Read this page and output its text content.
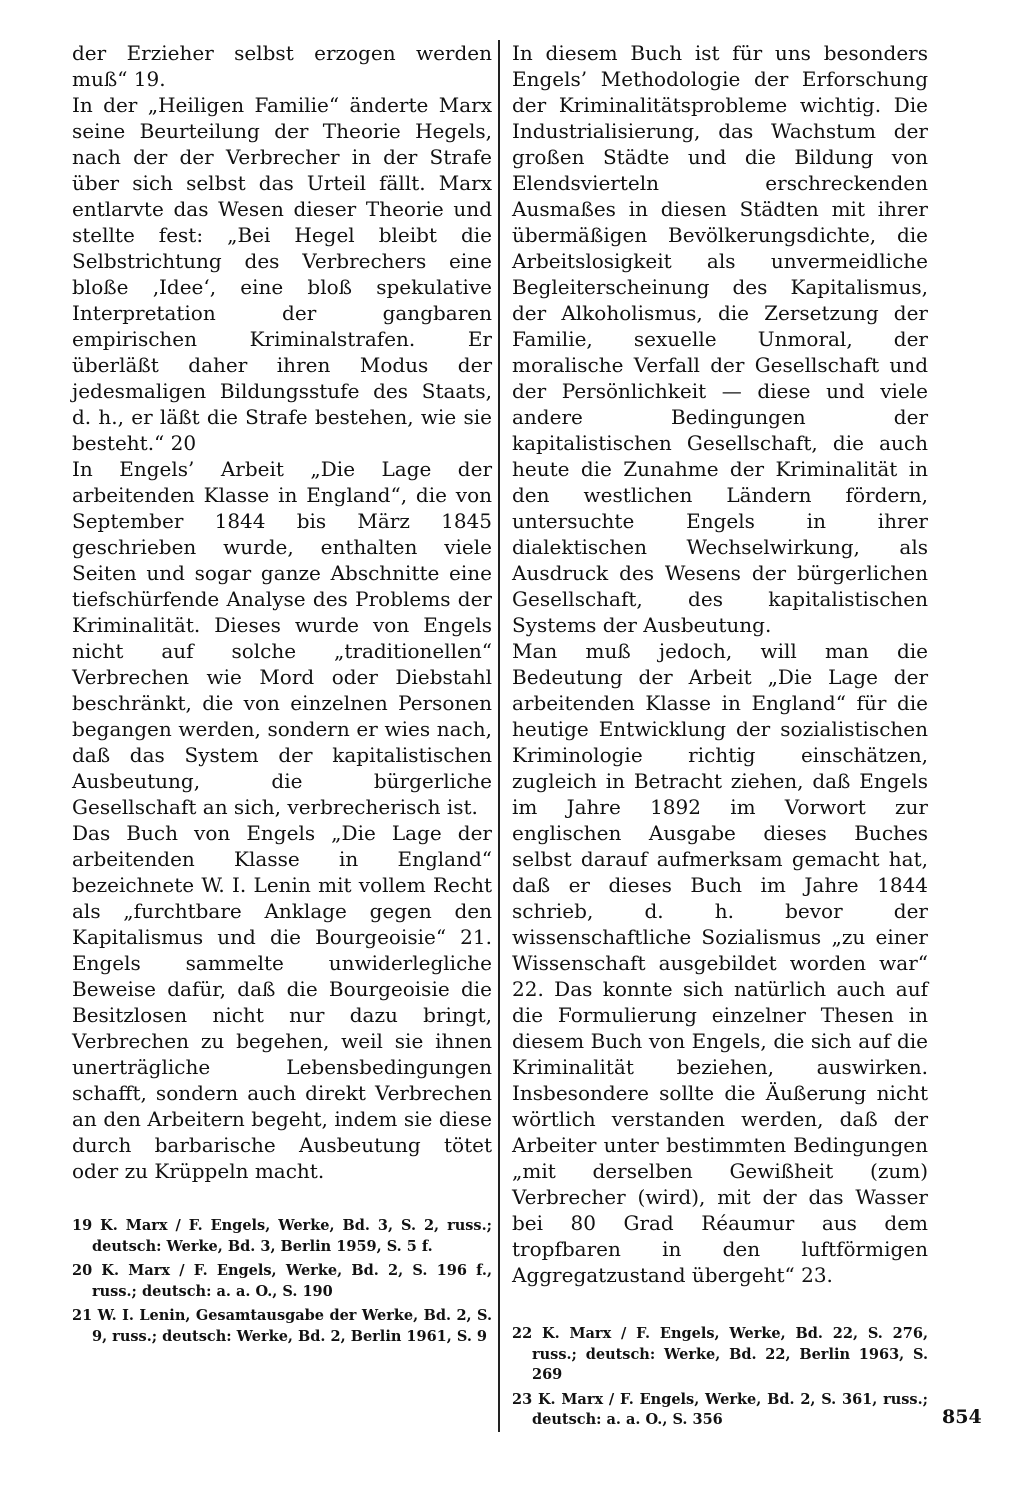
der Erzieher selbst erzogen werden muß“ 19.

In der „Heiligen Familie“ änderte Marx seine Beurteilung der Theorie Hegels, nach der der Verbrecher in der Strafe über sich selbst das Urteil fällt. Marx entlarvte das Wesen dieser Theorie und stellte fest: „Bei Hegel bleibt die Selbstrichtung des Verbrechers eine bloße ‚Idee‘, eine bloß spekulative Interpretation der gangbaren empirischen Kriminalstrafen. Er überläßt daher ihren Modus der jedesmaligen Bildungsstufe des Staats, d. h., er läßt die Strafe bestehen, wie sie besteht.“ 20

In Engels’ Arbeit „Die Lage der arbeitenden Klasse in England“, die von September 1844 bis März 1845 geschrieben wurde, enthalten viele Seiten und sogar ganze Abschnitte eine tiefschürfende Analyse des Problems der Kriminalität. Dieses wurde von Engels nicht auf solche „traditionellen“ Verbrechen wie Mord oder Diebstahl beschränkt, die von einzelnen Personen begangen werden, sondern er wies nach, daß das System der kapitalistischen Ausbeutung, die bürgerliche Gesellschaft an sich, verbrecherisch ist.

Das Buch von Engels „Die Lage der arbeitenden Klasse in England“ bezeichnete W. I. Lenin mit vollem Recht als „furchtbare Anklage gegen den Kapitalismus und die Bourgeoisie“ 21. Engels sammelte unwiderlegliche Beweise dafür, daß die Bourgeoisie die Besitzlosen nicht nur dazu bringt, Verbrechen zu begehen, weil sie ihnen unerträgliche Lebensbedingungen schafft, sondern auch direkt Verbrechen an den Arbeitern begeht, indem sie diese durch barbarische Ausbeutung tötet oder zu Krüppeln macht.

19 K. Marx / F. Engels, Werke, Bd. 3, S. 2, russ.; deutsch: Werke, Bd. 3, Berlin 1959, S. 5 f.

20 K. Marx / F. Engels, Werke, Bd. 2, S. 196 f., russ.; deutsch: a. a. O., S. 190

21 W. I. Lenin, Gesamtausgabe der Werke, Bd. 2, S. 9, russ.; deutsch: Werke, Bd. 2, Berlin 1961, S. 9

In diesem Buch ist für uns besonders Engels’ Methodologie der Erforschung der Kriminalitätsprobleme wichtig. Die Industrialisierung, das Wachstum der großen Städte und die Bildung von Elendsvierteln erschreckenden Ausmaßes in diesen Städten mit ihrer übermäßigen Bevölkerungsdichte, die Arbeitslosigkeit als unvermeidliche Begleiterscheinung des Kapitalismus, der Alkoholismus, die Zersetzung der Familie, sexuelle Unmoral, der moralische Verfall der Gesellschaft und der Persönlichkeit — diese und viele andere Bedingungen der kapitalistischen Gesellschaft, die auch heute die Zunahme der Kriminalität in den westlichen Ländern fördern, untersuchte Engels in ihrer dialektischen Wechselwirkung, als Ausdruck des Wesens der bürgerlichen Gesellschaft, des kapitalistischen Systems der Ausbeutung.

Man muß jedoch, will man die Bedeutung der Arbeit „Die Lage der arbeitenden Klasse in England“ für die heutige Entwicklung der sozialistischen Kriminologie richtig einschätzen, zugleich in Betracht ziehen, daß Engels im Jahre 1892 im Vorwort zur englischen Ausgabe dieses Buches selbst darauf aufmerksam gemacht hat, daß er dieses Buch im Jahre 1844 schrieb, d. h. bevor der wissenschaftliche Sozialismus „zu einer Wissenschaft ausgebildet worden war“ 22. Das konnte sich natürlich auch auf die Formulierung einzelner Thesen in diesem Buch von Engels, die sich auf die Kriminalität beziehen, auswirken. Insbesondere sollte die Äußerung nicht wörtlich verstanden werden, daß der Arbeiter unter bestimmten Bedingungen „mit derselben Gewißheit (zum) Verbrecher (wird), mit der das Wasser bei 80 Grad Réaumur aus dem tropfbaren in den luftförmigen Aggregatzustand übergeht“ 23.

22 K. Marx / F. Engels, Werke, Bd. 22, S. 276, russ.; deutsch: Werke, Bd. 22, Berlin 1963, S. 269

23 K. Marx / F. Engels, Werke, Bd. 2, S. 361, russ.; deutsch: a. a. O., S. 356	854
